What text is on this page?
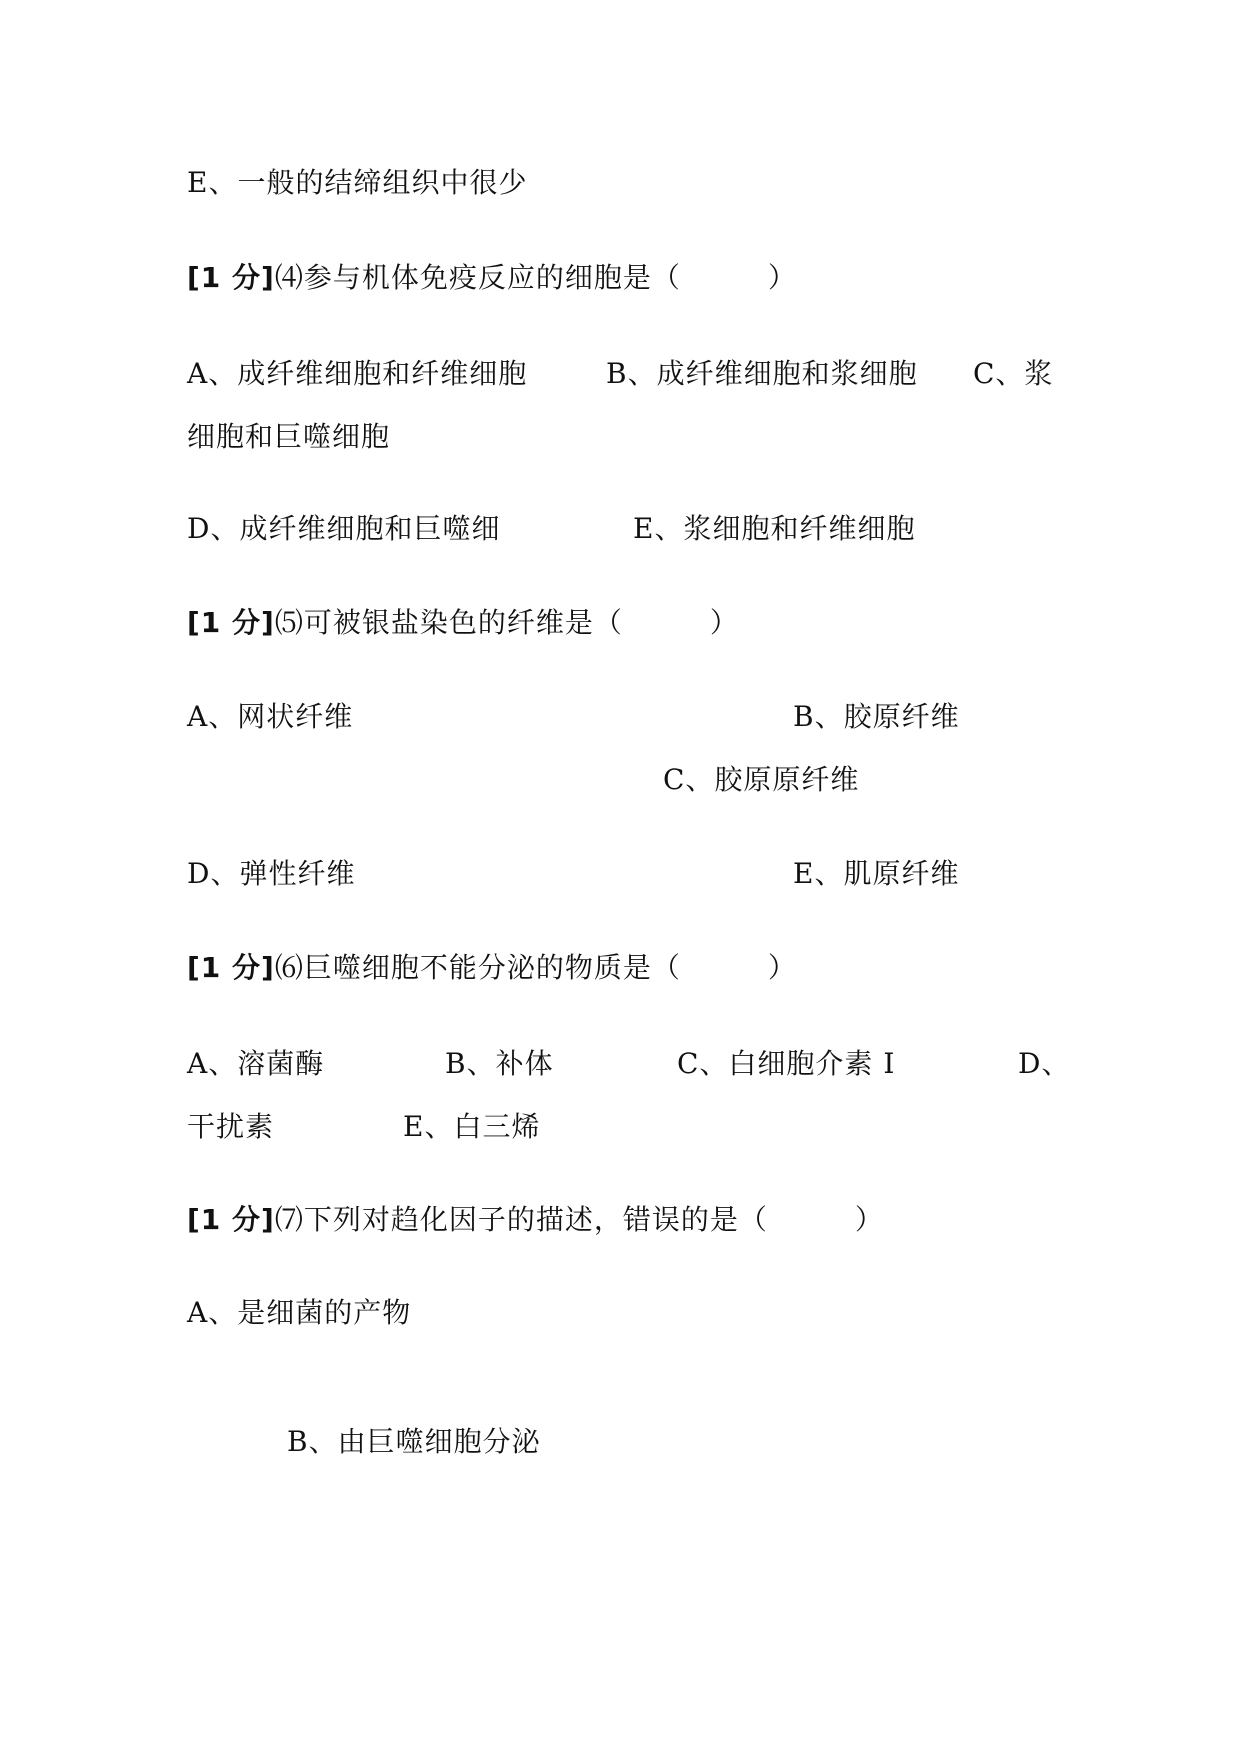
E、一般的结缔组织中很少
[1 分]⑷参与机体免疫反应的细胞是（　　　）
A、成纤维细胞和纤维细胞	B、成纤维细胞和浆细胞 C、浆
细胞和巨噬细胞
D、成纤维细胞和巨噬细	E、浆细胞和纤维细胞
[1 分]⑸可被银盐染色的纤维是（　　　）
A、网状纤维	B、胶原纤维
C、胶原原纤维
D、弹性纤维	E、肌原纤维
[1 分]⑹巨噬细胞不能分泌的物质是（　　　）
A、溶菌酶	B、补体	C、白细胞介素 I	D、
干扰素	E、白三烯
[1 分]⑺下列对趋化因子的描述，错误的是（　　　）
A、是细菌的产物
B、由巨噬细胞分泌
